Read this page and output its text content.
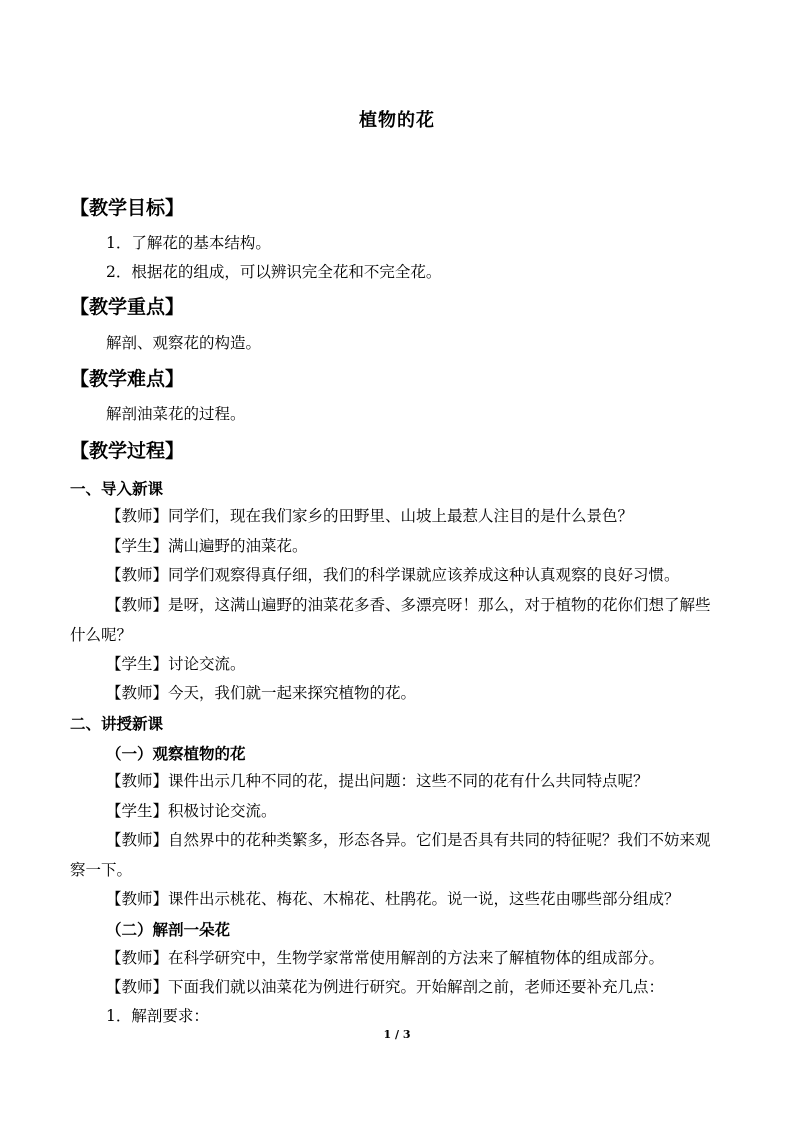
植物的花
【教学目标】
1．了解花的基本结构。
2．根据花的组成，可以辨识完全花和不完全花。
【教学重点】
解剖、观察花的构造。
【教学难点】
解剖油菜花的过程。
【教学过程】
一、导入新课
【教师】同学们，现在我们家乡的田野里、山坡上最惹人注目的是什么景色？
【学生】满山遍野的油菜花。
【教师】同学们观察得真仔细，我们的科学课就应该养成这种认真观察的良好习惯。
【教师】是呀，这满山遍野的油菜花多香、多漂亮呀！那么，对于植物的花你们想了解些什么呢？
【学生】讨论交流。
【教师】今天，我们就一起来探究植物的花。
二、讲授新课
（一）观察植物的花
【教师】课件出示几种不同的花，提出问题：这些不同的花有什么共同特点呢？
【学生】积极讨论交流。
【教师】自然界中的花种类繁多，形态各异。它们是否具有共同的特征呢？我们不妨来观察一下。
【教师】课件出示桃花、梅花、木棉花、杜鹃花。说一说，这些花由哪些部分组成？
（二）解剖一朵花
【教师】在科学研究中，生物学家常常使用解剖的方法来了解植物体的组成部分。
【教师】下面我们就以油菜花为例进行研究。开始解剖之前，老师还要补充几点：
1．解剖要求：
1 / 3
